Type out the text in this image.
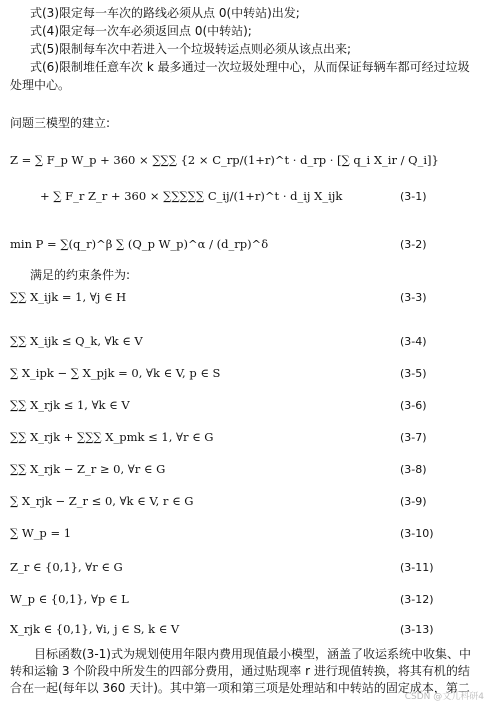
式(3)限定每一车次的路线必须从点 0(中转站)出发;
式(4)限定每一次车必须返回点 0(中转站);
式(5)限制每车次中若进入一个垃圾转运点则必须从该点出来;
式(6)限制堆任意车次 k 最多通过一次垃圾处理中心，从而保证每辆车都可经过垃圾
处理中心。
问题三模型的建立:
Z = ∑ F_p W_p + 360 × ∑∑∑ {2 × C_rp/(1+r)^t · d_rp · [∑ q_i X_ir / Q_i]}
+ ∑ F_r Z_r + 360 × ∑∑∑∑∑ C_ij/(1+r)^t · d_ij X_ijk	(3-1)
min P = ∑(q_r)^β ∑ (Q_p W_p)^α / (d_rp)^δ	(3-2)
满足的约束条件为:
∑∑ X_ijk = 1, ∀j ∈ H	(3-3)
∑∑ X_ijk ≤ Q_k, ∀k ∈ V	(3-4)
∑ X_ipk − ∑ X_pjk = 0, ∀k ∈ V, p ∈ S	(3-5)
∑∑ X_rjk ≤ 1, ∀k ∈ V	(3-6)
∑∑ X_rjk + ∑∑∑ X_pmk ≤ 1, ∀r ∈ G	(3-7)
∑∑ X_rjk − Z_r ≥ 0, ∀r ∈ G	(3-8)
∑ X_rjk − Z_r ≤ 0, ∀k ∈ V, r ∈ G	(3-9)
∑ W_p = 1	(3-10)
Z_r ∈ {0,1}, ∀r ∈ G	(3-11)
W_p ∈ {0,1}, ∀p ∈ L	(3-12)
X_rjk ∈ {0,1}, ∀i, j ∈ S, k ∈ V	(3-13)
目标函数(3-1)式为规划使用年限内费用现值最小模型，涵盖了收运系统中收集、中转和运输 3 个阶段中所发生的四部分费用，通过贴现率 r 进行现值转换，将其有机的结合在一起(每年以 360 天计)。其中第一项和第三项是处理站和中转站的固定成本，第二
CSDN @文儿科研4
